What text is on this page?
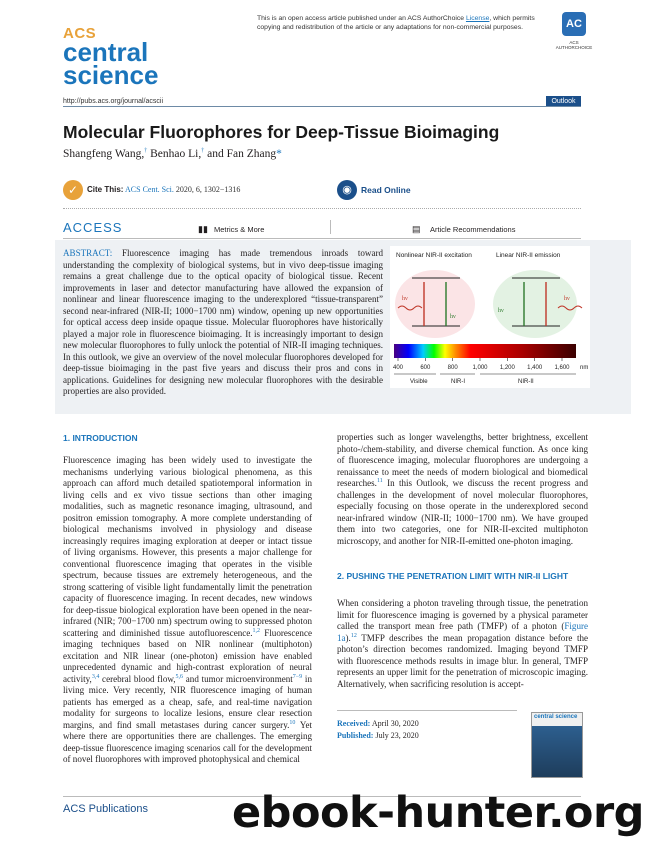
ACS
central
science
This is an open access article published under an ACS AuthorChoice License, which permits copying and redistribution of the article or any adaptations for non-commercial purposes.	AC
ACS AUTHORCHOICE
http://pubs.acs.org/journal/acscii	Outlook
Molecular Fluorophores for Deep-Tissue Bioimaging
Shangfeng Wang,† Benhao Li,† and Fan Zhang*
✓	Cite This: ACS Cent. Sci. 2020, 6, 1302−1316	◉	Read Online
ACCESS	▮▮ Metrics & More	▤ Article Recommendations
ABSTRACT: Fluorescence imaging has made tremendous inroads toward understanding the complexity of biological systems, but in vivo deep-tissue imaging remains a great challenge due to the optical opacity of biological tissue. Recent improvements in laser and detector manufacturing have allowed the expansion of nonlinear and linear fluorescence imaging to the underexplored “tissue-transparent” second near-infrared (NIR-II; 1000−1700 nm) window, opening up new opportunities for optical access deep inside opaque tissue. Molecular fluorophores have historically played a major role in fluorescence bioimaging. It is increasingly important to design new molecular fluorophores to fully unlock the potential of NIR-II imaging techniques. In this outlook, we give an overview of the novel molecular fluorophores developed for deep-tissue bioimaging in the past five years and discuss their pros and cons in applications. Guidelines for designing new molecular fluorophores with the desirable properties are also provided.
Nonlinear NIR-II excitation	Linear NIR-II emission
hν
hν
hν
hν
400	600	800 1,000 1,200 1,400 1,600 nm
Visible	NIR-I	NIR-II
1. INTRODUCTION
Fluorescence imaging has been widely used to investigate the mechanisms underlying various biological phenomena, as this approach can afford much detailed spatiotemporal information in living cells and ex vivo tissue sections than other imaging modalities, such as magnetic resonance imaging, ultrasound, and positron emission tomography. A more complete understanding of biological mechanisms involved in physiology and disease increasingly requires imaging exploration at deeper or intact tissue of living organisms. However, this presents a major challenge for conventional fluorescence imaging that operates in the visible spectrum, because tissues are extremely heterogeneous, and the strong scattering of visible light fundamentally limit the penetration capacity of fluorescence imaging. In recent decades, new windows for deep-tissue biological exploration have been opened in the near-infrared (NIR; 700−1700 nm) spectrum owing to suppressed photon scattering and diminished tissue autofluorescence.$^{1,2}$ Fluorescence imaging techniques based on NIR nonlinear (multiphoton) excitation and NIR linear (one-photon) emission have enabled unprecedented dynamic and high-contrast exploration of neural activity,$^{3,4}$ cerebral blood flow,$^{5,6}$ and tumor microenvironment$^{7-9}$ in living mice. Very recently, NIR fluorescence imaging of human patients has emerged as a cheap, safe, and real-time navigation modality for surgeons to localize lesions, ensure clear resection margins, and find small metastases during cancer surgery.$^{10}$ Yet where there are opportunities there are challenges. The emerging deep-tissue fluorescence imaging scenarios call for the development of novel fluorophores with improved photophysical and chemical
properties such as longer wavelengths, better brightness, excellent photo-/chem-stability, and diverse chemical function. As once king of fluorescence imaging, molecular fluorophores are undergoing a renaissance to meet the needs of modern biological and biomedical researches.$^{11}$ In this Outlook, we discuss the recent progress and challenges in the development of novel molecular fluorophores, especially focusing on those operate in the underexplored second near-infrared window (NIR-II; 1000−1700 nm). We have grouped them into two categories, one for NIR-II-excited multiphoton microscopy, and another for NIR-II-emitted one-photon imaging.
2. PUSHING THE PENETRATION LIMIT WITH NIR-II LIGHT
When considering a photon traveling through tissue, the penetration limit for fluorescence imaging is governed by a physical parameter called the transport mean free path (TMFP) of a photon (Figure 1a).$^{12}$ TMFP describes the mean propagation distance before the photon’s direction becomes randomized. Imaging beyond TMFP with fluorescence methods results in image blur. In general, TMFP represents an upper limit for the penetration of microscopic imaging. Alternatively, when sacrificing resolution is accept-
Received: April 30, 2020
Published: July 23, 2020
central science
ACS Publications ebook-hunter.org
